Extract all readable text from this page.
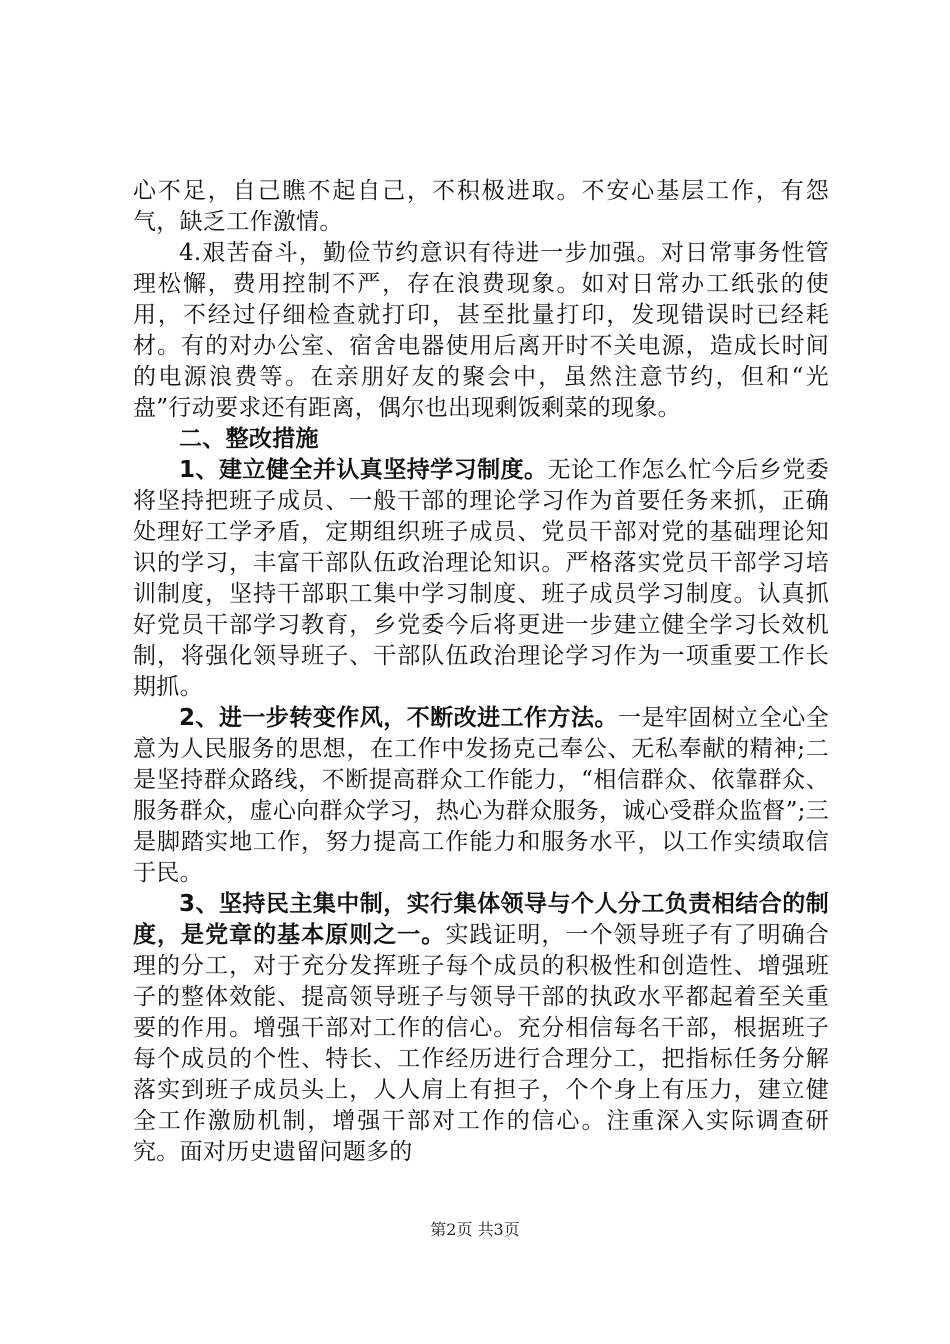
心不足，自己瞧不起自己，不积极进取。不安心基层工作，有怨气，缺乏工作激情。

4.艰苦奋斗，勤俭节约意识有待进一步加强。对日常事务性管理松懈，费用控制不严，存在浪费现象。如对日常办工纸张的使用，不经过仔细检查就打印，甚至批量打印，发现错误时已经耗材。有的对办公室、宿舍电器使用后离开时不关电源，造成长时间的电源浪费等。在亲朋好友的聚会中，虽然注意节约，但和“光盘”行动要求还有距离，偶尔也出现剩饭剩菜的现象。

二、整改措施

1、建立健全并认真坚持学习制度。无论工作怎么忙今后乡党委将坚持把班子成员、一般干部的理论学习作为首要任务来抓，正确处理好工学矛盾，定期组织班子成员、党员干部对党的基础理论知识的学习，丰富干部队伍政治理论知识。严格落实党员干部学习培训制度，坚持干部职工集中学习制度、班子成员学习制度。认真抓好党员干部学习教育，乡党委今后将更进一步建立健全学习长效机制，将强化领导班子、干部队伍政治理论学习作为一项重要工作长期抓。

2、进一步转变作风，不断改进工作方法。一是牢固树立全心全意为人民服务的思想，在工作中发扬克己奉公、无私奉献的精神;二是坚持群众路线，不断提高群众工作能力，“相信群众、依靠群众、服务群众，虚心向群众学习，热心为群众服务，诚心受群众监督”;三是脚踏实地工作，努力提高工作能力和服务水平，以工作实绩取信于民。

3、坚持民主集中制，实行集体领导与个人分工负责相结合的制度，是党章的基本原则之一。实践证明，一个领导班子有了明确合理的分工，对于充分发挥班子每个成员的积极性和创造性、增强班子的整体效能、提高领导班子与领导干部的执政水平都起着至关重要的作用。增强干部对工作的信心。充分相信每名干部，根据班子每个成员的个性、特长、工作经历进行合理分工，把指标任务分解落实到班子成员头上，人人肩上有担子，个个身上有压力，建立健全工作激励机制，增强干部对工作的信心。注重深入实际调查研究。面对历史遗留问题多的

第2页 共3页
